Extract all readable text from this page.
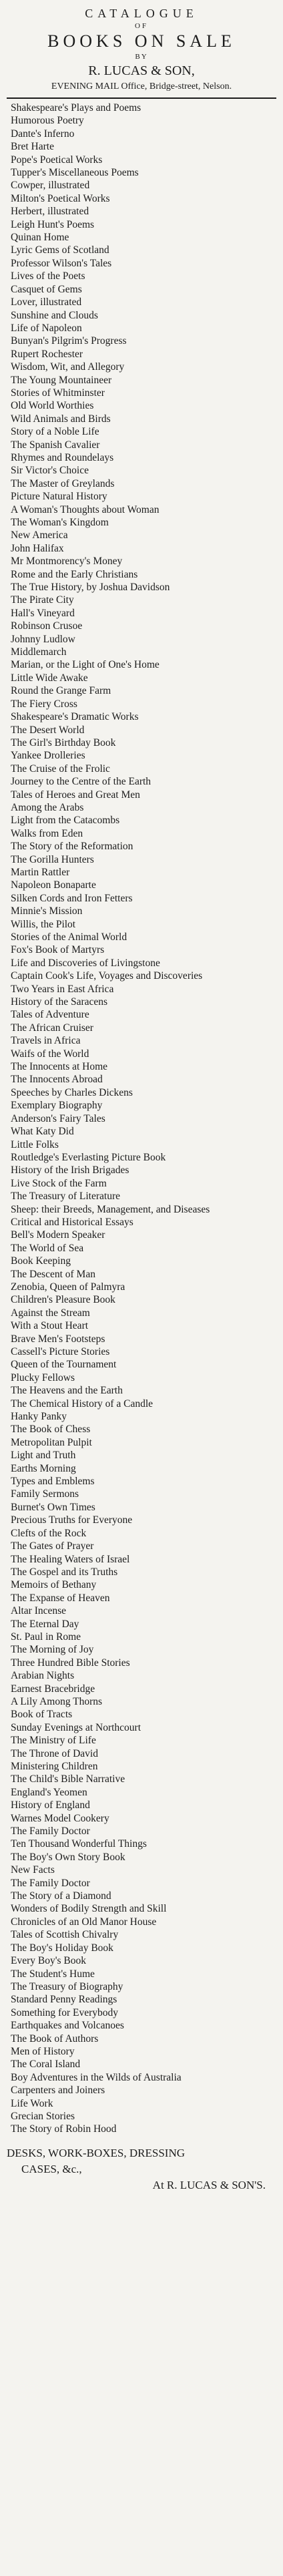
CATALOGUE
OF
BOOKS ON SALE
BY
R. LUCAS & SON,
EVENING MAIL Office, Bridge-street, Nelson.
Shakespeare's Plays and Poems
Humorous Poetry
Dante's Inferno
Bret Harte
Pope's Poetical Works
Tupper's Miscellaneous Poems
Cowper, illustrated
Milton's Poetical Works
Herbert, illustrated
Leigh Hunt's Poems
Quinan Home
Lyric Gems of Scotland
Professor Wilson's Tales
Lives of the Poets
Casquet of Gems
Lover, illustrated
Sunshine and Clouds
Life of Napoleon
Bunyan's Pilgrim's Progress
Rupert Rochester
Wisdom, Wit, and Allegory
The Young Mountaineer
Stories of Whitminster
Old World Worthies
Wild Animals and Birds
Story of a Noble Life
The Spanish Cavalier
Rhymes and Roundelays
Sir Victor's Choice
The Master of Greylands
Picture Natural History
A Woman's Thoughts about Woman
The Woman's Kingdom
New America
John Halifax
Mr Montmorency's Money
Rome and the Early Christians
The True History, by Joshua Davidson
The Pirate City
Hall's Vineyard
Robinson Crusoe
Johnny Ludlow
Middlemarch
Marian, or the Light of One's Home
Little Wide Awake
Round the Grange Farm
The Fiery Cross
Shakespeare's Dramatic Works
The Desert World
The Girl's Birthday Book
Yankee Drolleries
The Cruise of the Frolic
Journey to the Centre of the Earth
Tales of Heroes and Great Men
Among the Arabs
Light from the Catacombs
Walks from Eden
The Story of the Reformation
The Gorilla Hunters
Martin Rattler
Napoleon Bonaparte
Silken Cords and Iron Fetters
Minnie's Mission
Willis, the Pilot
Stories of the Animal World
Fox's Book of Martyrs
Life and Discoveries of Livingstone
Captain Cook's Life, Voyages and Discoveries
Two Years in East Africa
History of the Saracens
Tales of Adventure
The African Cruiser
Travels in Africa
Waifs of the World
The Innocents at Home
The Innocents Abroad
Speeches by Charles Dickens
Exemplary Biography
Anderson's Fairy Tales
What Katy Did
Little Folks
Routledge's Everlasting Picture Book
History of the Irish Brigades
Live Stock of the Farm
The Treasury of Literature
Sheep: their Breeds, Management, and Diseases
Critical and Historical Essays
Bell's Modern Speaker
The World of Sea
Book Keeping
The Descent of Man
Zenobia, Queen of Palmyra
Children's Pleasure Book
Against the Stream
With a Stout Heart
Brave Men's Footsteps
Cassell's Picture Stories
Queen of the Tournament
Plucky Fellows
The Heavens and the Earth
The Chemical History of a Candle
Hanky Panky
The Book of Chess
Metropolitan Pulpit
Light and Truth
Earths Morning
Types and Emblems
Family Sermons
Burnet's Own Times
Precious Truths for Everyone
Clefts of the Rock
The Gates of Prayer
The Healing Waters of Israel
The Gospel and its Truths
Memoirs of Bethany
The Expanse of Heaven
Altar Incense
The Eternal Day
St. Paul in Rome
The Morning of Joy
Three Hundred Bible Stories
Arabian Nights
Earnest Bracebridge
A Lily Among Thorns
Book of Tracts
Sunday Evenings at Northcourt
The Ministry of Life
The Throne of David
Ministering Children
The Child's Bible Narrative
England's Yeomen
History of England
Warnes Model Cookery
The Family Doctor
Ten Thousand Wonderful Things
The Boy's Own Story Book
New Facts
The Family Doctor
The Story of a Diamond
Wonders of Bodily Strength and Skill
Chronicles of an Old Manor House
Tales of Scottish Chivalry
The Boy's Holiday Book
Every Boy's Book
The Student's Hume
The Treasury of Biography
Standard Penny Readings
Something for Everybody
Earthquakes and Volcanoes
The Book of Authors
Men of History
The Coral Island
Boy Adventures in the Wilds of Australia
Carpenters and Joiners
Life Work
Grecian Stories
The Story of Robin Hood
DESKS, WORK-BOXES, DRESSING
CASES, &c.,
At R. LUCAS & SON'S.
